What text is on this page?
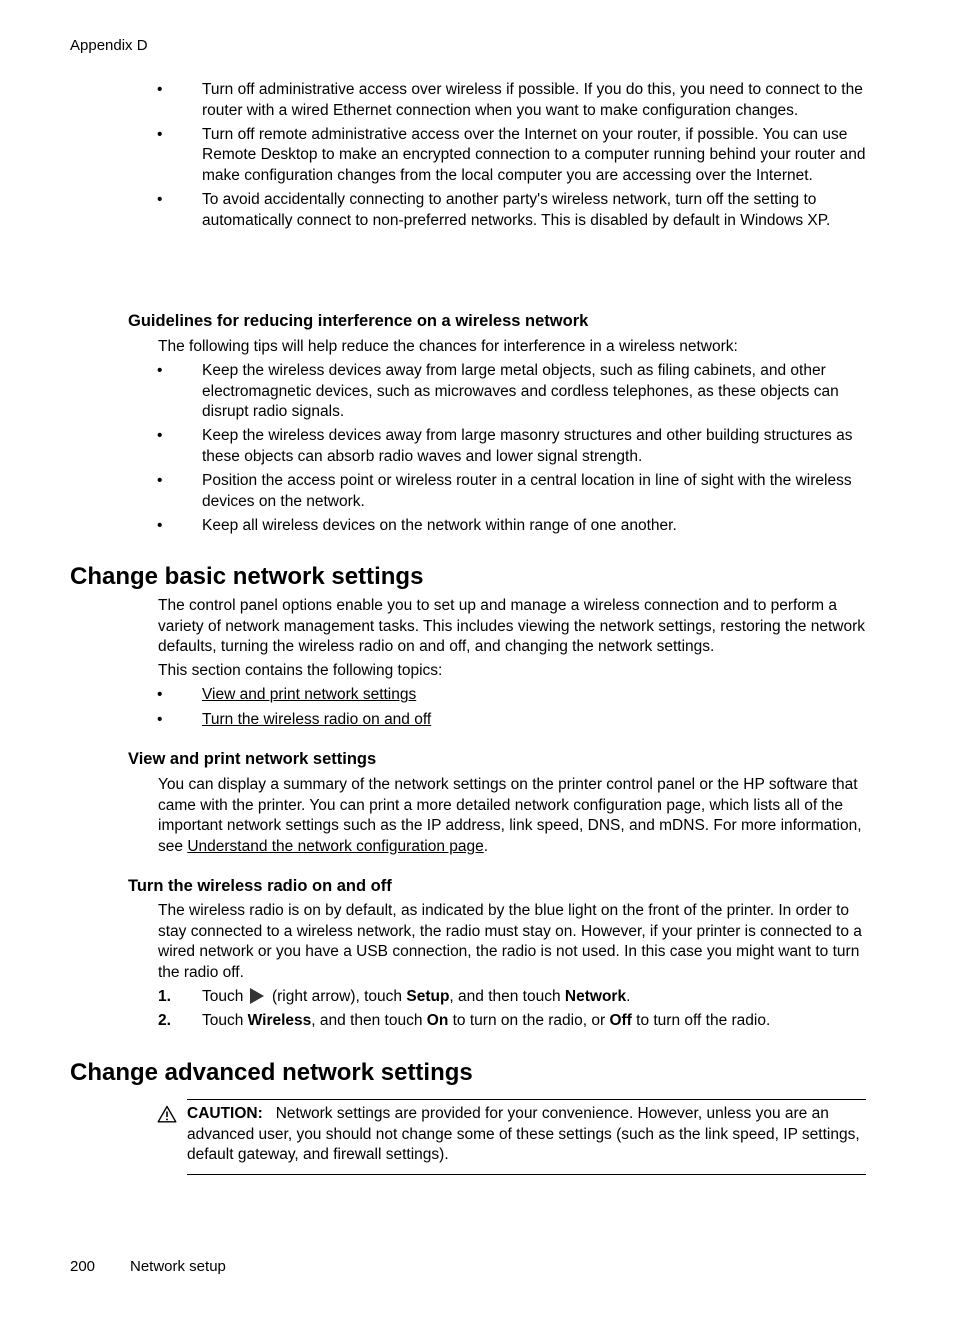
Appendix D
•	Turn off administrative access over wireless if possible. If you do this, you need to connect to the router with a wired Ethernet connection when you want to make configuration changes.
•	Turn off remote administrative access over the Internet on your router, if possible. You can use Remote Desktop to make an encrypted connection to a computer running behind your router and make configuration changes from the local computer you are accessing over the Internet.
•	To avoid accidentally connecting to another party's wireless network, turn off the setting to automatically connect to non-preferred networks. This is disabled by default in Windows XP.
Guidelines for reducing interference on a wireless network
The following tips will help reduce the chances for interference in a wireless network:
•	Keep the wireless devices away from large metal objects, such as filing cabinets, and other electromagnetic devices, such as microwaves and cordless telephones, as these objects can disrupt radio signals.
•	Keep the wireless devices away from large masonry structures and other building structures as these objects can absorb radio waves and lower signal strength.
•	Position the access point or wireless router in a central location in line of sight with the wireless devices on the network.
•	Keep all wireless devices on the network within range of one another.
Change basic network settings
The control panel options enable you to set up and manage a wireless connection and to perform a variety of network management tasks. This includes viewing the network settings, restoring the network defaults, turning the wireless radio on and off, and changing the network settings.
This section contains the following topics:
•	View and print network settings
•	Turn the wireless radio on and off
View and print network settings
You can display a summary of the network settings on the printer control panel or the HP software that came with the printer. You can print a more detailed network configuration page, which lists all of the important network settings such as the IP address, link speed, DNS, and mDNS. For more information, see Understand the network configuration page.
Turn the wireless radio on and off
The wireless radio is on by default, as indicated by the blue light on the front of the printer. In order to stay connected to a wireless network, the radio must stay on. However, if your printer is connected to a wired network or you have a USB connection, the radio is not used. In this case you might want to turn the radio off.
1. Touch  (right arrow), touch Setup, and then touch Network.
2. Touch Wireless, and then touch On to turn on the radio, or Off to turn off the radio.
Change advanced network settings
CAUTION: Network settings are provided for your convenience. However, unless you are an advanced user, you should not change some of these settings (such as the link speed, IP settings, default gateway, and firewall settings).
200 Network setup
